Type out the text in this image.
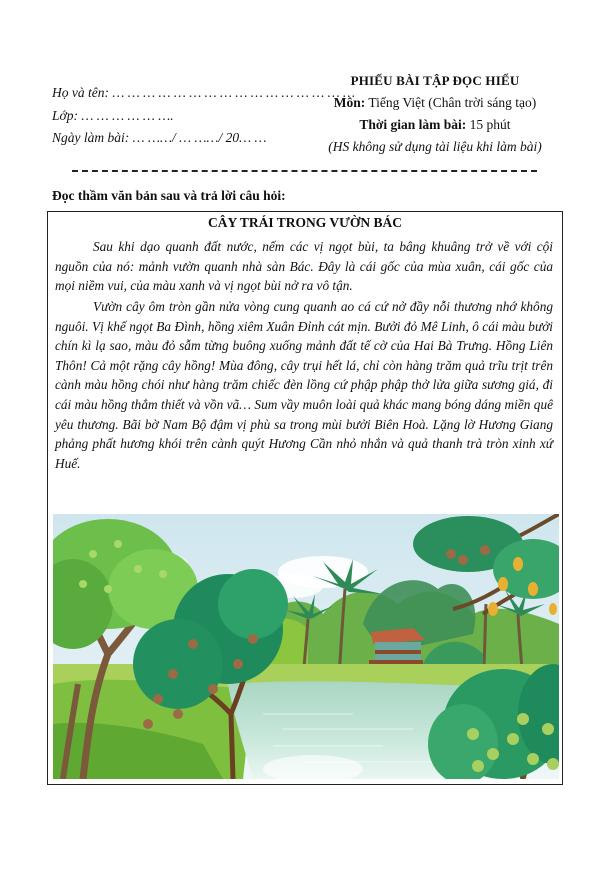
Họ và tên: … … … … … … … … … … … … … … … …
Lớp: … … … … … ….
Ngày làm bài: … ……/ … ……/ 20… …
PHIẾU BÀI TẬP ĐỌC HIỂU
Môn: Tiếng Việt (Chân trời sáng tạo)
Thời gian làm bài: 15 phút
(HS không sử dụng tài liệu khi làm bài)
Đọc thầm văn bản sau và trả lời câu hỏi:
CÂY TRÁI TRONG VƯỜN BÁC
Sau khi dạo quanh đất nước, nếm các vị ngọt bùi, ta bâng khuâng trở về với cội nguồn của nó: mảnh vườn quanh nhà sàn Bác. Đây là cái gốc của mùa xuân, cái gốc của mọi niềm vui, của màu xanh và vị ngọt bùi nở ra vô tận.
Vườn cây ôm tròn gần nửa vòng cung quanh ao cá cứ nở đầy nỗi thương nhớ không nguôi. Vị khế ngọt Ba Đình, hồng xiêm Xuân Đỉnh cát mịn. Bưởi đỏ Mê Linh, ô cái màu bưởi chín kì lạ sao, màu đỏ sẫm từng buông xuống mảnh đất tế cờ của Hai Bà Trưng. Hồng Liên Thôn! Cả một rặng cây hồng! Mùa đông, cây trụi hết lá, chỉ còn hàng trăm quả trĩu trịt trên cành màu hồng chói như hàng trăm chiếc đèn lồng cứ phập phập thở lửa giữa sương giá, đi cái màu hồng thắm thiết và vồn vã… Sum vầy muôn loài quả khác mang bóng dáng miền quê yêu thương. Bãi bờ Nam Bộ đậm vị phù sa trong mùi bưởi Biên Hoà. Lặng lờ Hương Giang phảng phất hương khói trên cành quýt Hương Cần nhỏ nhắn và quả thanh trà tròn xinh xứ Huế.
